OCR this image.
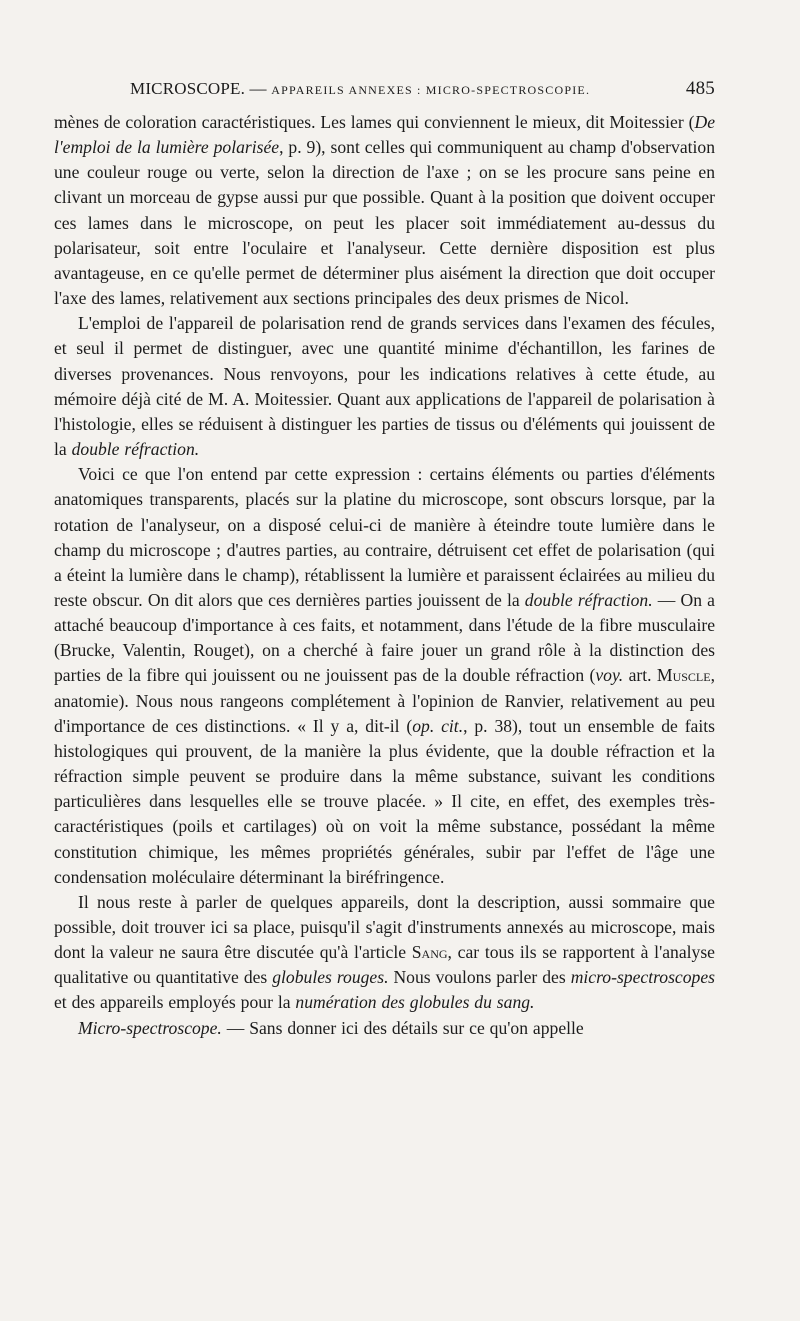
MICROSCOPE. — APPAREILS ANNEXES : MICRO-SPECTROSCOPIE.	485

mènes de coloration caractéristiques. Les lames qui conviennent le mieux, dit Moitessier (De l'emploi de la lumière polarisée, p. 9), sont celles qui communiquent au champ d'observation une couleur rouge ou verte, selon la direction de l'axe ; on se les procure sans peine en clivant un morceau de gypse aussi pur que possible. Quant à la position que doivent occuper ces lames dans le microscope, on peut les placer soit immédiatement au-dessus du polarisateur, soit entre l'oculaire et l'analyseur. Cette dernière disposition est plus avantageuse, en ce qu'elle permet de déterminer plus aisément la direction que doit occuper l'axe des lames, relativement aux sections principales des deux prismes de Nicol.

L'emploi de l'appareil de polarisation rend de grands services dans l'examen des fécules, et seul il permet de distinguer, avec une quantité minime d'échantillon, les farines de diverses provenances. Nous renvoyons, pour les indications relatives à cette étude, au mémoire déjà cité de M. A. Moitessier. Quant aux applications de l'appareil de polarisation à l'histologie, elles se réduisent à distinguer les parties de tissus ou d'éléments qui jouissent de la double réfraction.

Voici ce que l'on entend par cette expression : certains éléments ou parties d'éléments anatomiques transparents, placés sur la platine du microscope, sont obscurs lorsque, par la rotation de l'analyseur, on a disposé celui-ci de manière à éteindre toute lumière dans le champ du microscope ; d'autres parties, au contraire, détruisent cet effet de polarisation (qui a éteint la lumière dans le champ), rétablissent la lumière et paraissent éclairées au milieu du reste obscur. On dit alors que ces dernières parties jouissent de la double réfraction. — On a attaché beaucoup d'importance à ces faits, et notamment, dans l'étude de la fibre musculaire (Brucke, Valentin, Rouget), on a cherché à faire jouer un grand rôle à la distinction des parties de la fibre qui jouissent ou ne jouissent pas de la double réfraction (voy. art. Muscle, anatomie). Nous nous rangeons complétement à l'opinion de Ranvier, relativement au peu d'importance de ces distinctions. « Il y a, dit-il (op. cit., p. 38), tout un ensemble de faits histologiques qui prouvent, de la manière la plus évidente, que la double réfraction et la réfraction simple peuvent se produire dans la même substance, suivant les conditions particulières dans lesquelles elle se trouve placée. » Il cite, en effet, des exemples très-caractéristiques (poils et cartilages) où on voit la même substance, possédant la même constitution chimique, les mêmes propriétés générales, subir par l'effet de l'âge une condensation moléculaire déterminant la biréfringence.

Il nous reste à parler de quelques appareils, dont la description, aussi sommaire que possible, doit trouver ici sa place, puisqu'il s'agit d'instruments annexés au microscope, mais dont la valeur ne saura être discutée qu'à l'article Sang, car tous ils se rapportent à l'analyse qualitative ou quantitative des globules rouges. Nous voulons parler des micro-spectroscopes et des appareils employés pour la numération des globules du sang.

Micro-spectroscope. — Sans donner ici des détails sur ce qu'on appelle
